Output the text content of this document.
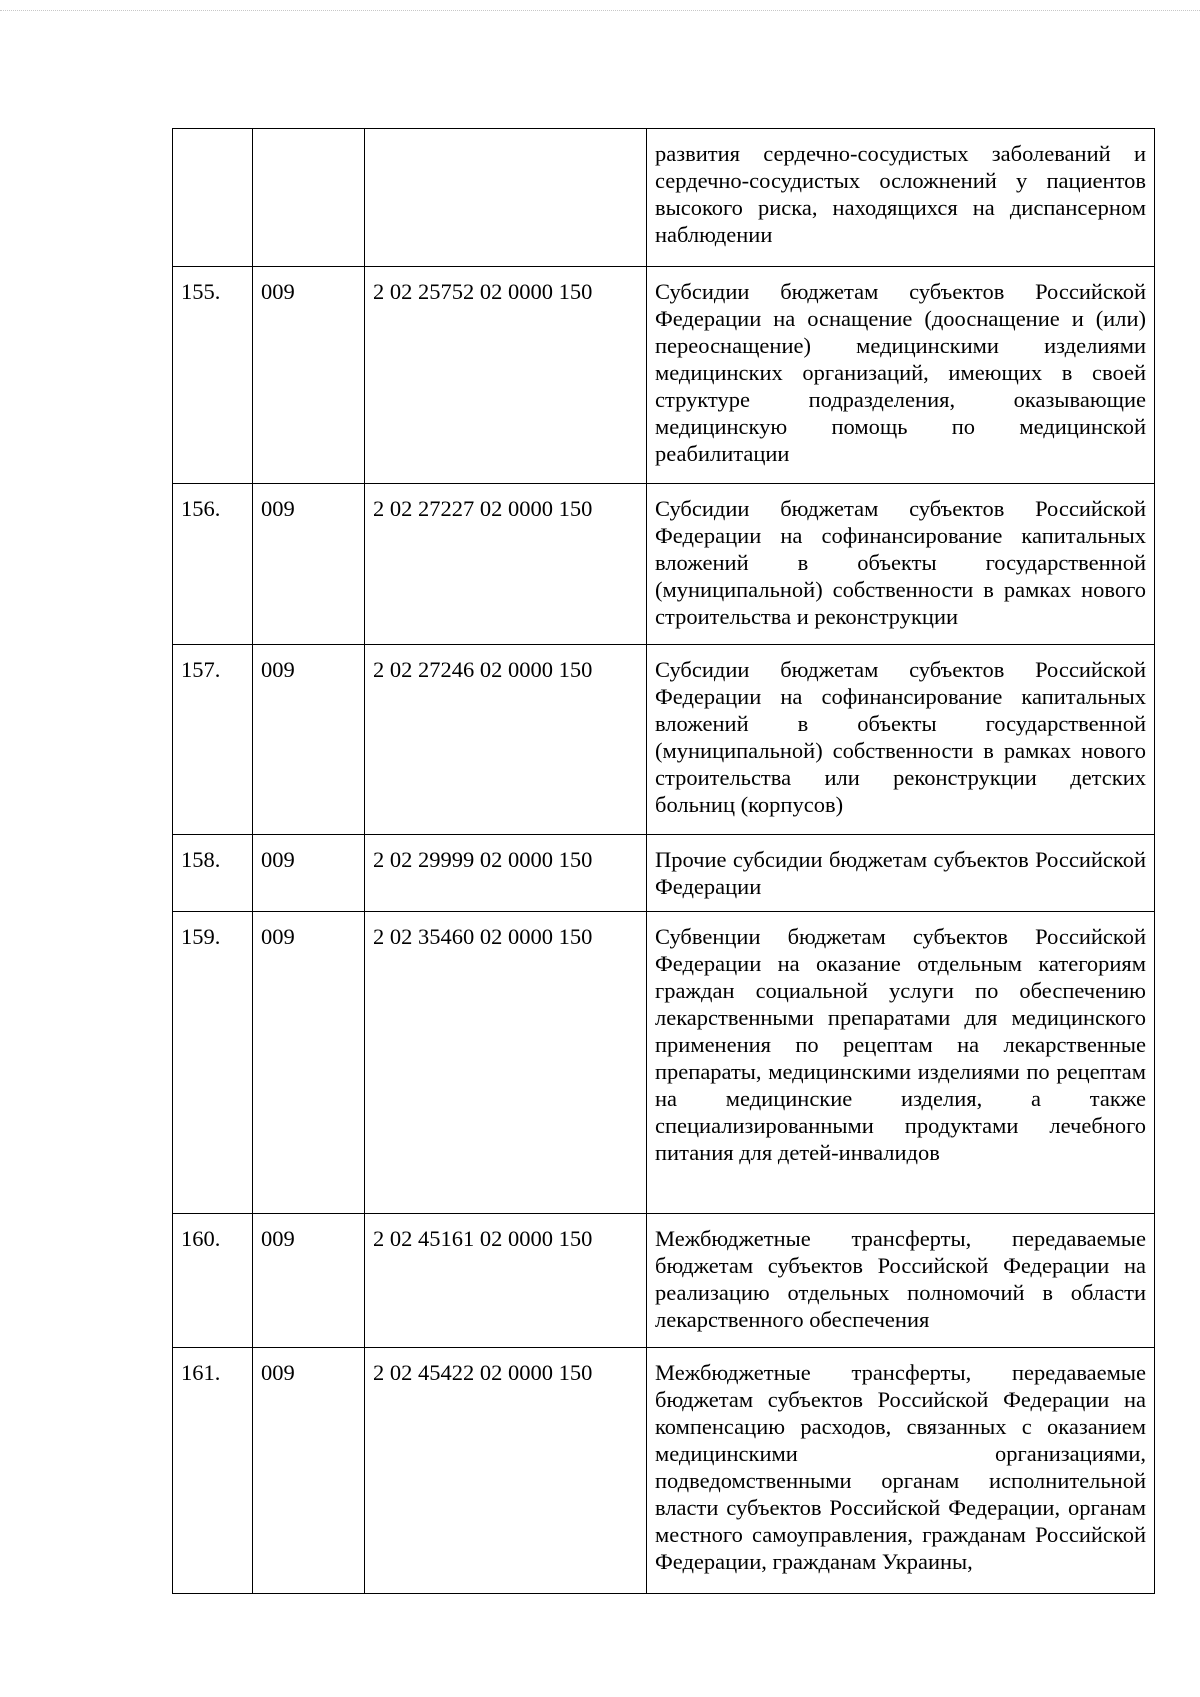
			развития сердечно-сосудистых заболеваний и сердечно-сосудистых осложнений у пациентов высокого риска, находящихся на диспансерном наблюдении
155.	009	2 02 25752 02 0000 150	Субсидии бюджетам субъектов Российской Федерации на оснащение (дооснащение и (или) переоснащение) медицинскими изделиями медицинских организаций, имеющих в своей структуре подразделения, оказывающие медицинскую помощь по медицинской реабилитации
156.	009	2 02 27227 02 0000 150	Субсидии бюджетам субъектов Российской Федерации на софинансирование капитальных вложений в объекты государственной (муниципальной) собственности в рамках нового строительства и реконструкции
157.	009	2 02 27246 02 0000 150	Субсидии бюджетам субъектов Российской Федерации на софинансирование капитальных вложений в объекты государственной (муниципальной) собственности в рамках нового строительства или реконструкции детских больниц (корпусов)
158.	009	2 02 29999 02 0000 150	Прочие субсидии бюджетам субъектов Российской Федерации
159.	009	2 02 35460 02 0000 150	Субвенции бюджетам субъектов Российской Федерации на оказание отдельным категориям граждан социальной услуги по обеспечению лекарственными препаратами для медицинского применения по рецептам на лекарственные препараты, медицинскими изделиями по рецептам на медицинские изделия, а также специализированными продуктами лечебного питания для детей-инвалидов
160.	009	2 02 45161 02 0000 150	Межбюджетные трансферты, передаваемые бюджетам субъектов Российской Федерации на реализацию отдельных полномочий в области лекарственного обеспечения
161.	009	2 02 45422 02 0000 150	Межбюджетные трансферты, передаваемые бюджетам субъектов Российской Федерации на компенсацию расходов, связанных с оказанием медицинскими организациями, подведомственными органам исполнительной власти субъектов Российской Федерации, органам местного самоуправления, гражданам Российской Федерации, гражданам Украины,
